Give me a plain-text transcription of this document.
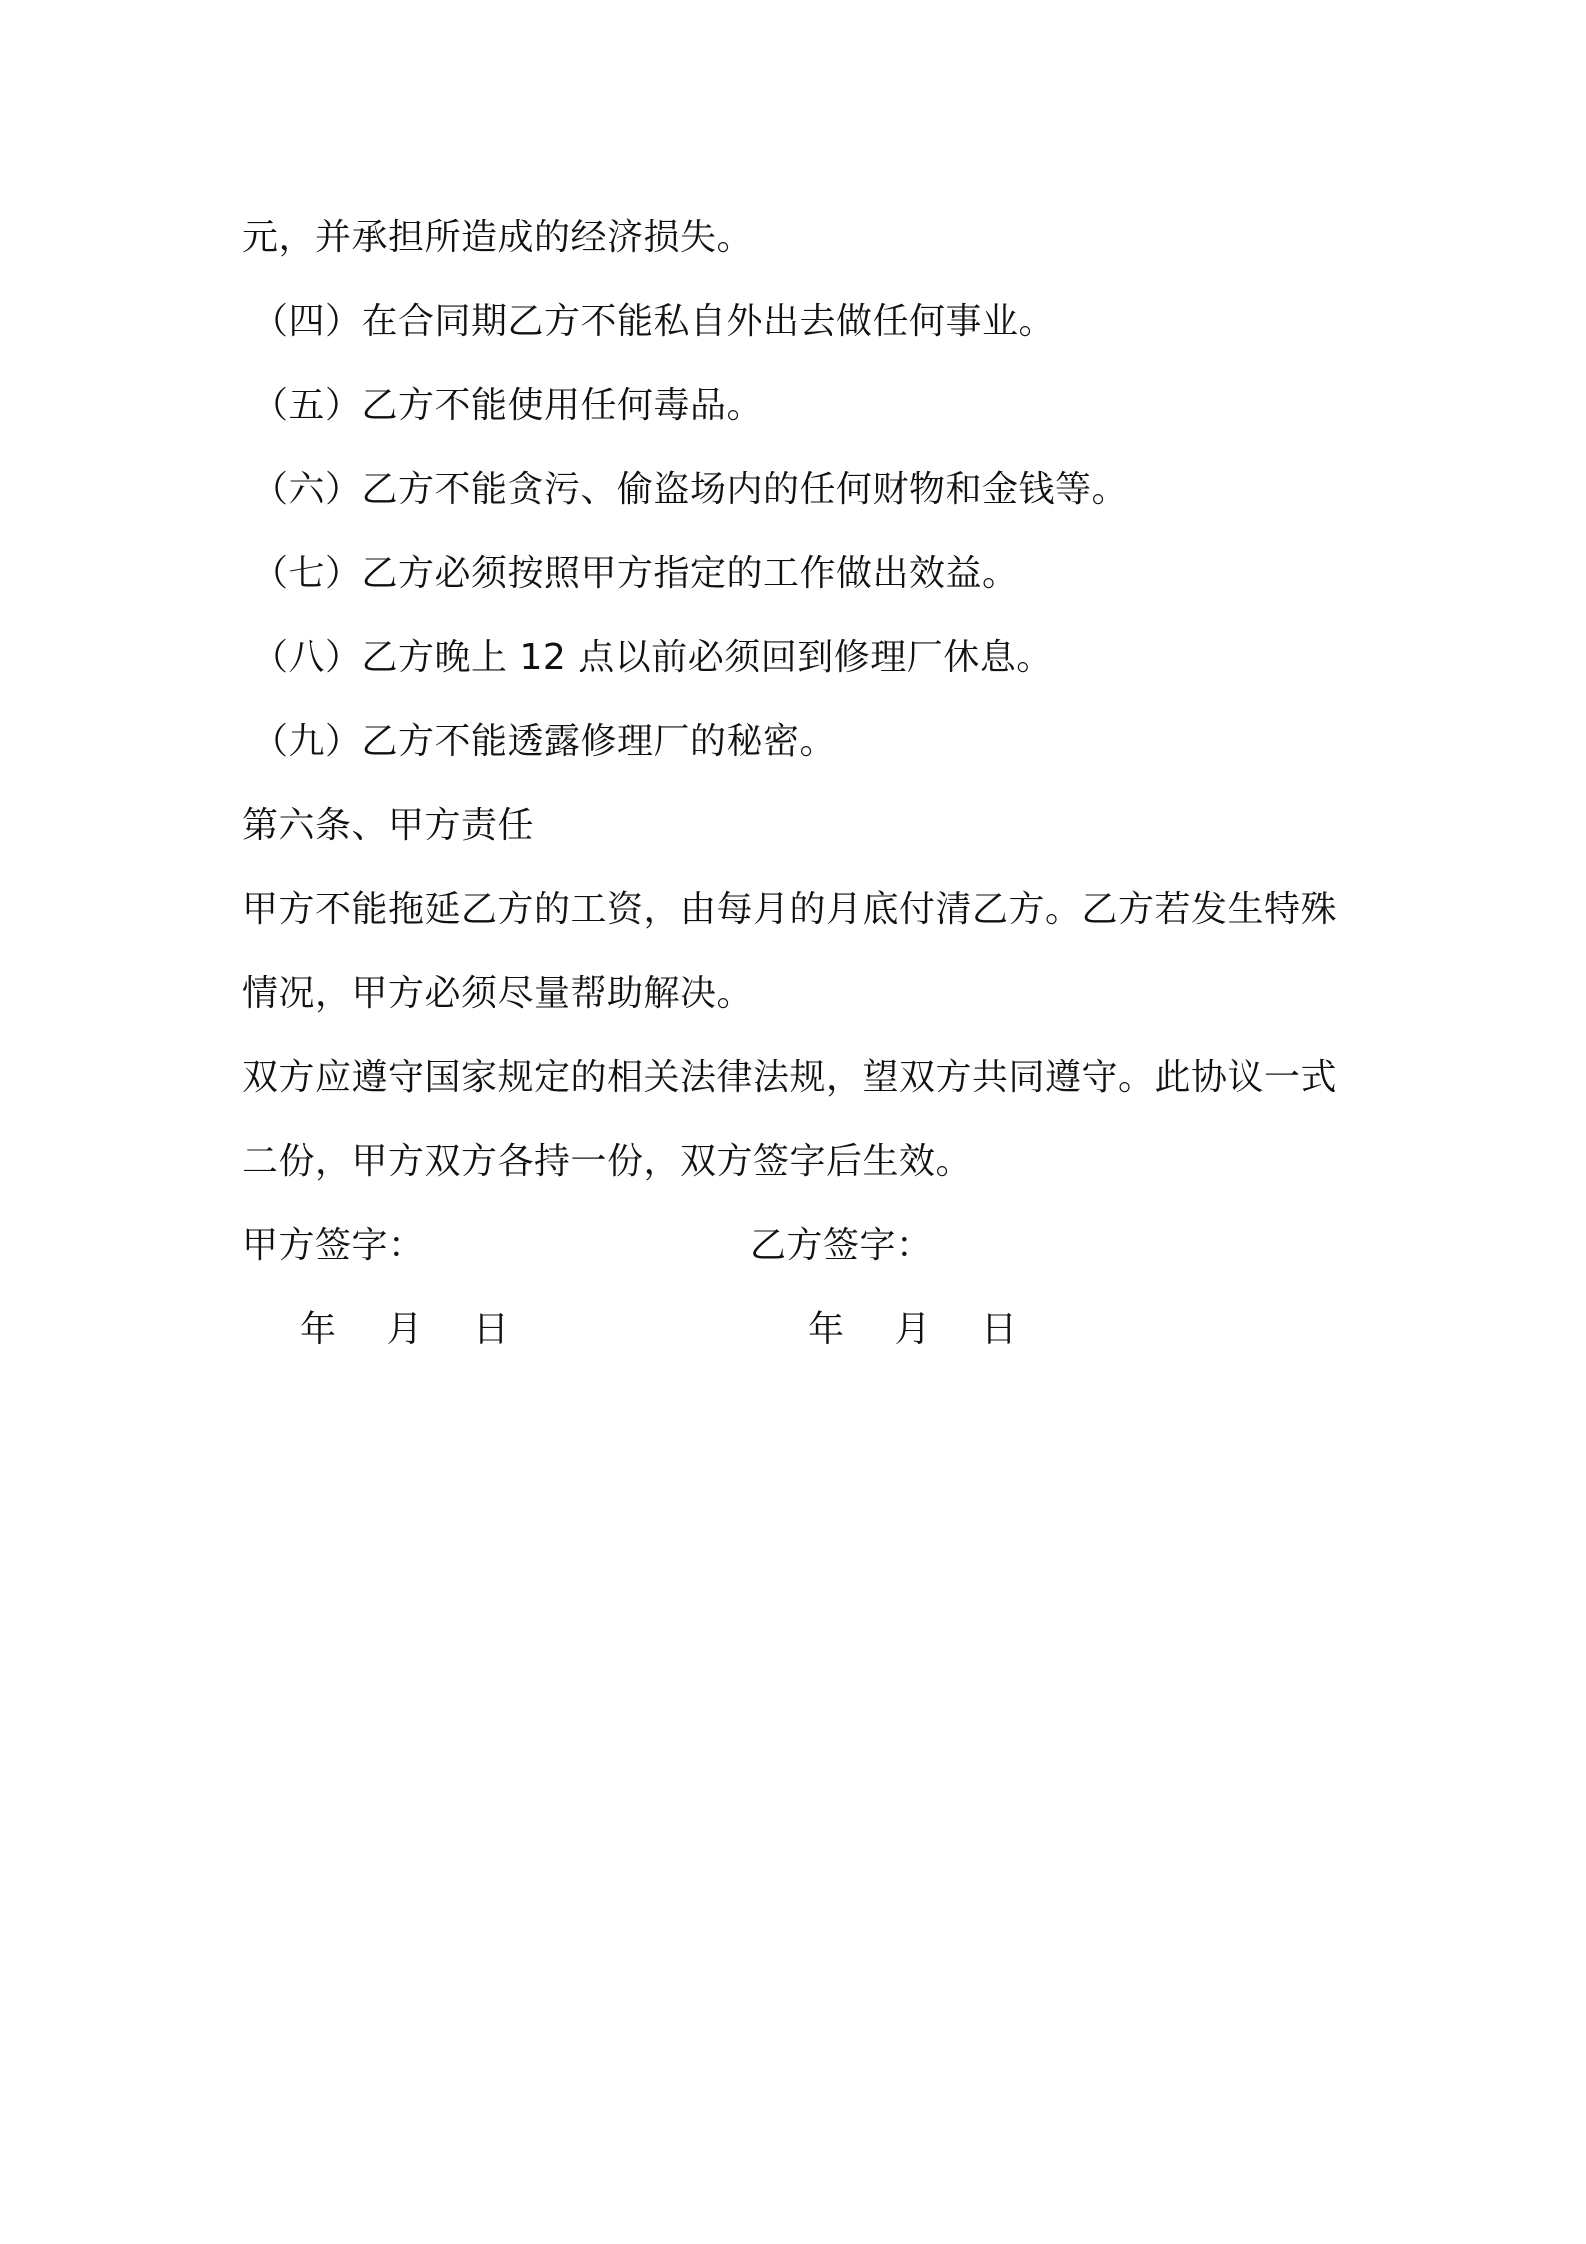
元，并承担所造成的经济损失。
（四）在合同期乙方不能私自外出去做任何事业。
（五）乙方不能使用任何毒品。
（六）乙方不能贪污、偷盗场内的任何财物和金钱等。
（七）乙方必须按照甲方指定的工作做出效益。
（八）乙方晚上 12 点以前必须回到修理厂休息。
（九）乙方不能透露修理厂的秘密。
第六条、甲方责任
甲方不能拖延乙方的工资，由每月的月底付清乙方。乙方若发生特殊
情况，甲方必须尽量帮助解决。
双方应遵守国家规定的相关法律法规，望双方共同遵守。此协议一式
二份，甲方双方各持一份，双方签字后生效。
甲方签字：	乙方签字：
年 月 日	年 月 日
